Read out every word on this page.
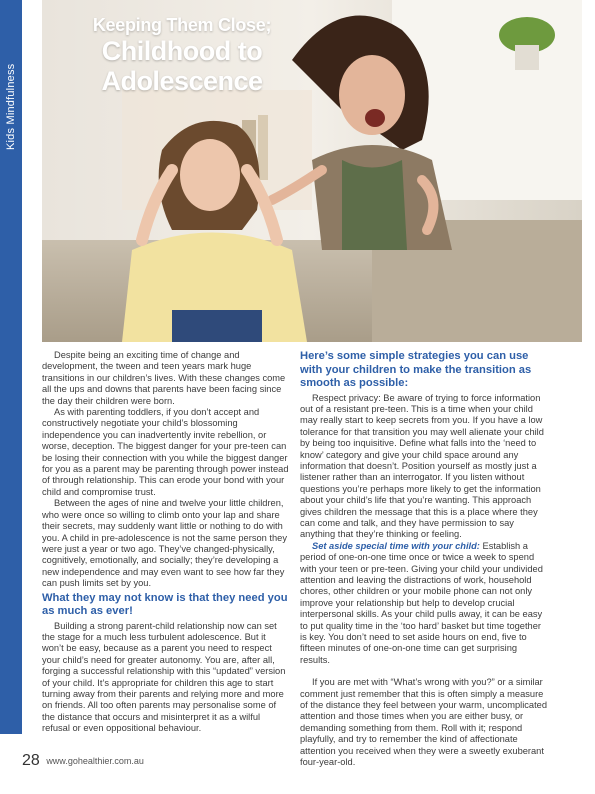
Kids Mindfulness
Keeping Them Close;
Childhood to
Adolescence

Despite being an exciting time of change and development, the tween and teen years mark huge transitions in our children’s lives. With these changes come all the ups and downs that parents have been facing since the day their children were born.

As with parenting toddlers, if you don’t accept and constructively negotiate your child’s blossoming independence you can inadvertently invite rebellion, or worse, deception. The biggest danger for your pre-teen can be losing their connection with you while the biggest danger for you as a parent may be parenting through power instead of through relationship. This can erode your bond with your child and compromise trust.

Between the ages of nine and twelve your little children, who were once so willing to climb onto your lap and share their secrets, may suddenly want little or nothing to do with you. A child in pre-adolescence is not the same person they were just a year or two ago. They’ve changed-physically, cognitively, emotionally, and socially; they’re developing a new independence and may even want to see how far they can push limits set by you.

What they may not know is that they need you as much as ever!

Building a strong parent-child relationship now can set the stage for a much less turbulent adolescence. But it won’t be easy, because as a parent you need to respect your child’s need for greater autonomy. You are, after all, forging a successful relationship with this “updated” version of your child. It’s appropriate for children this age to start turning away from their parents and relying more and more on friends. All too often parents may personalise some of the distance that occurs and misinterpret it as a wilful refusal or even oppositional behaviour.

Here’s some simple strategies you can use with your children to make the transition as smooth as possible:

Respect privacy: Be aware of trying to force information out of a resistant pre-teen. This is a time when your child may really start to keep secrets from you. If you have a low tolerance for that transition you may well alienate your child by being too inquisitive. Define what falls into the ‘need to know’ category and give your child space around any information that doesn’t. Position yourself as mostly just a listener rather than an interrogator. If you listen without questions you’re perhaps more likely to get the information about your child’s life that you’re wanting. This approach gives children the message that this is a place where they can come and talk, and they have permission to say anything that they’re thinking or feeling.

Set aside special time with your child: Establish a period of one-on-one time once or twice a week to spend with your teen or pre-teen. Giving your child your undivided attention and leaving the distractions of work, household chores, other children or your mobile phone can not only improve your relationship but help to develop crucial interpersonal skills. As your child pulls away, it can be easy to put quality time in the ‘too hard’ basket but time together is key. You don’t need to set aside hours on end, five to fifteen minutes of one-on-one time can get surprising results.

If you are met with “What’s wrong with you?” or a similar comment just remember that this is often simply a measure of the distance they feel between your warm, uncomplicated attention and those times when you are either busy, or demanding something from them. Roll with it; respond playfully, and try to remember the kind of affectionate attention you received when they were a sweetly exuberant four-year-old.

28 www.gohealthier.com.au
